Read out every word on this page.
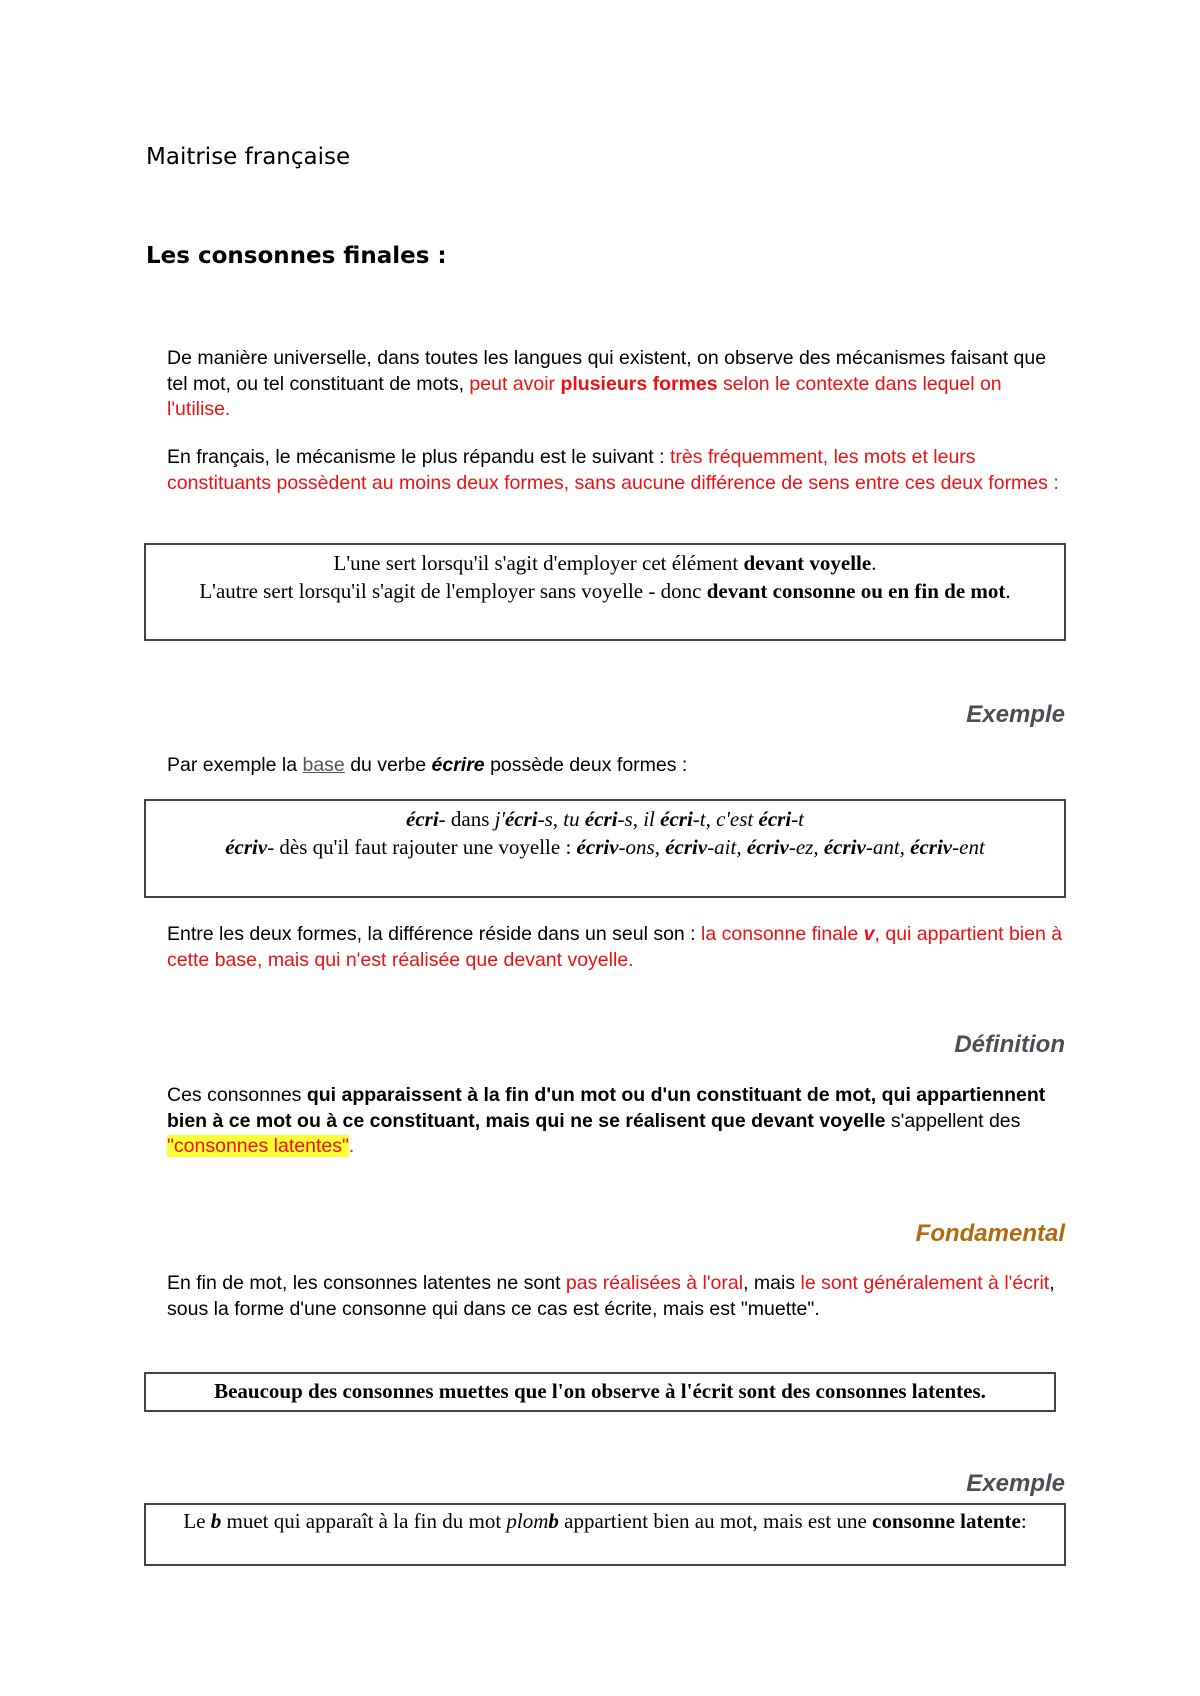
Maitrise française
Les consonnes finales :

De manière universelle, dans toutes les langues qui existent, on observe des mécanismes faisant que tel mot, ou tel constituant de mots, peut avoir plusieurs formes selon le contexte dans lequel on l'utilise.

En français, le mécanisme le plus répandu est le suivant : très fréquemment, les mots et leurs constituants possèdent au moins deux formes, sans aucune différence de sens entre ces deux formes :

L'une sert lorsqu'il s'agit d'employer cet élément devant voyelle.

L'autre sert lorsqu'il s'agit de l'employer sans voyelle - donc devant consonne ou en fin de mot.

Exemple

Par exemple la base du verbe écrire possède deux formes :

écri- dans j'écri-s, tu écri-s, il écri-t, c'est écri-t

écriv- dès qu'il faut rajouter une voyelle : écriv-ons, écriv-ait, écriv-ez, écriv-ant, écriv-ent

Entre les deux formes, la différence réside dans un seul son : la consonne finale v, qui appartient bien à cette base, mais qui n'est réalisée que devant voyelle.

Définition

Ces consonnes qui apparaissent à la fin d'un mot ou d'un constituant de mot, qui appartiennent bien à ce mot ou à ce constituant, mais qui ne se réalisent que devant voyelle s'appellent des "consonnes latentes".

Fondamental

En fin de mot, les consonnes latentes ne sont pas réalisées à l'oral, mais le sont généralement à l'écrit, sous la forme d'une consonne qui dans ce cas est écrite, mais est "muette".

Beaucoup des consonnes muettes que l'on observe à l'écrit sont des consonnes latentes.

Exemple

Le b muet qui apparaît à la fin du mot plomb appartient bien au mot, mais est une consonne latente:
